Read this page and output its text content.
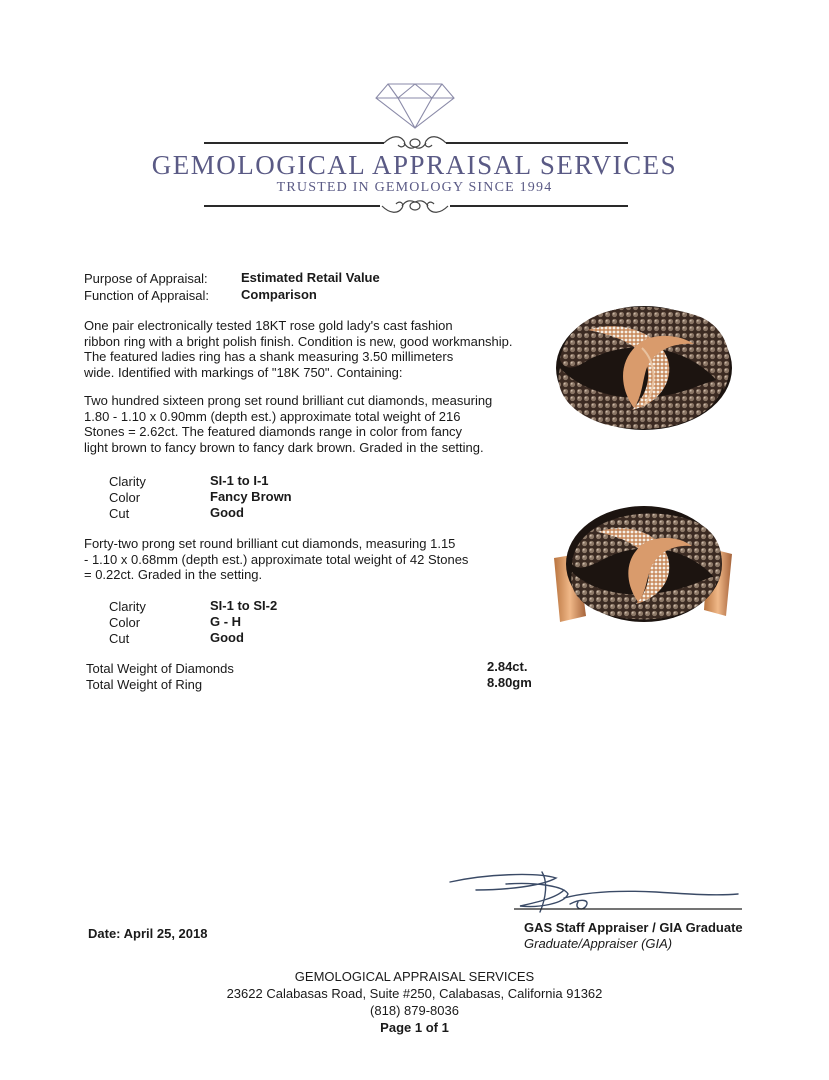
GEMOLOGICAL APPRAISAL SERVICES
TRUSTED IN GEMOLOGY SINCE 1994
Purpose of Appraisal:	Estimated Retail Value
Function of Appraisal: Comparison
One pair electronically tested 18KT rose gold lady's cast fashion
ribbon ring with a bright polish finish. Condition is new, good workmanship.
The featured ladies ring has a shank measuring 3.50 millimeters
wide. Identified with markings of "18K 750". Containing:
Two hundred sixteen prong set round brilliant cut diamonds, measuring
1.80 - 1.10 x 0.90mm (depth est.) approximate total weight of 216
Stones = 2.62ct. The featured diamonds range in color from fancy
light brown to fancy brown to fancy dark brown. Graded in the setting.
Clarity	SI-1 to I-1
Color	Fancy Brown
Cut	Good
Forty-two prong set round brilliant cut diamonds, measuring 1.15
- 1.10 x 0.68mm (depth est.) approximate total weight of 42 Stones
= 0.22ct. Graded in the setting.
Clarity	SI-1 to SI-2
Color	G - H
Cut	Good
Total Weight of Diamonds	2.84ct.
Total Weight of Ring	8.80gm
Date: April 25, 2018	GAS Staff Appraiser / GIA Graduate
Graduate/Appraiser (GIA)
GEMOLOGICAL APPRAISAL SERVICES
23622 Calabasas Road, Suite #250, Calabasas, California 91362
(818) 879-8036
Page 1 of 1
